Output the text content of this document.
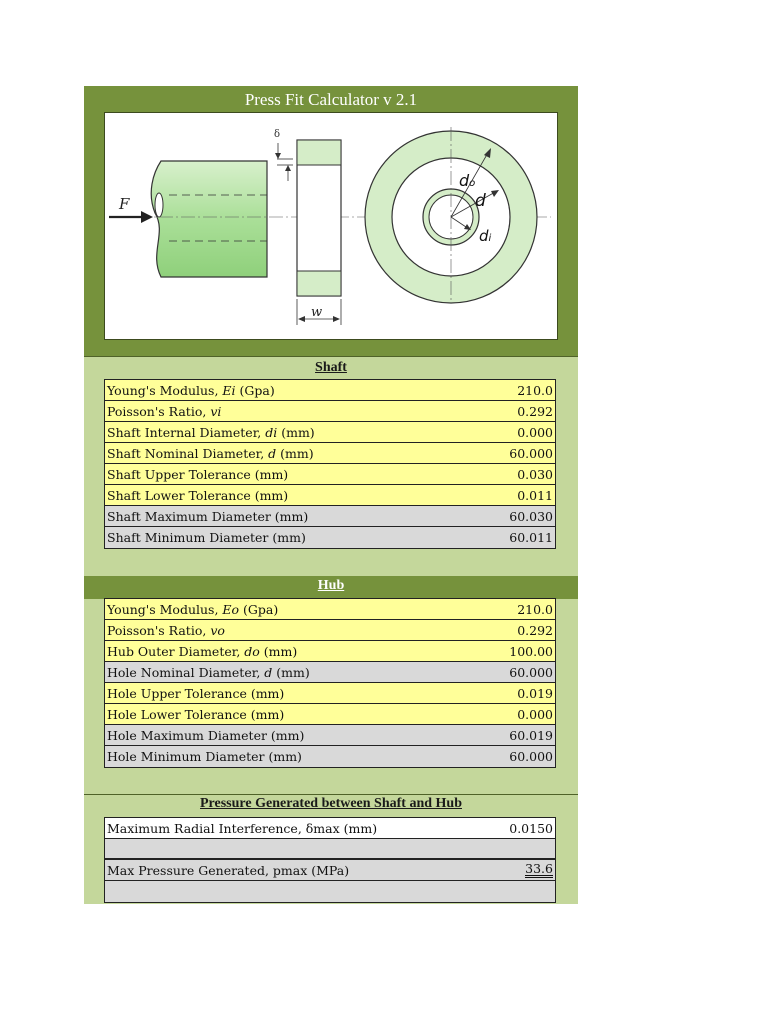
Press Fit Calculator v 2.1
F
δ
w
do
d
di
Shaft
Young's Modulus, Ei (Gpa)	210.0
Poisson's Ratio, vi	0.292
Shaft Internal Diameter, di (mm)	0.000
Shaft Nominal Diameter, d (mm)	60.000
Shaft Upper Tolerance (mm)	0.030
Shaft Lower Tolerance (mm)	0.011
Shaft Maximum Diameter (mm)	60.030
Shaft Minimum Diameter (mm)	60.011
Hub
Young's Modulus, Eo (Gpa)	210.0
Poisson's Ratio, vo	0.292
Hub Outer Diameter, do (mm)	100.00
Hole Nominal Diameter, d (mm)	60.000
Hole Upper Tolerance (mm)	0.019
Hole Lower Tolerance (mm)	0.000
Hole Maximum Diameter (mm)	60.019
Hole Minimum Diameter (mm)	60.000
Pressure Generated between Shaft and Hub
Maximum Radial Interference, δmax (mm)	0.0150
Max Pressure Generated, pmax (MPa)	33.6
